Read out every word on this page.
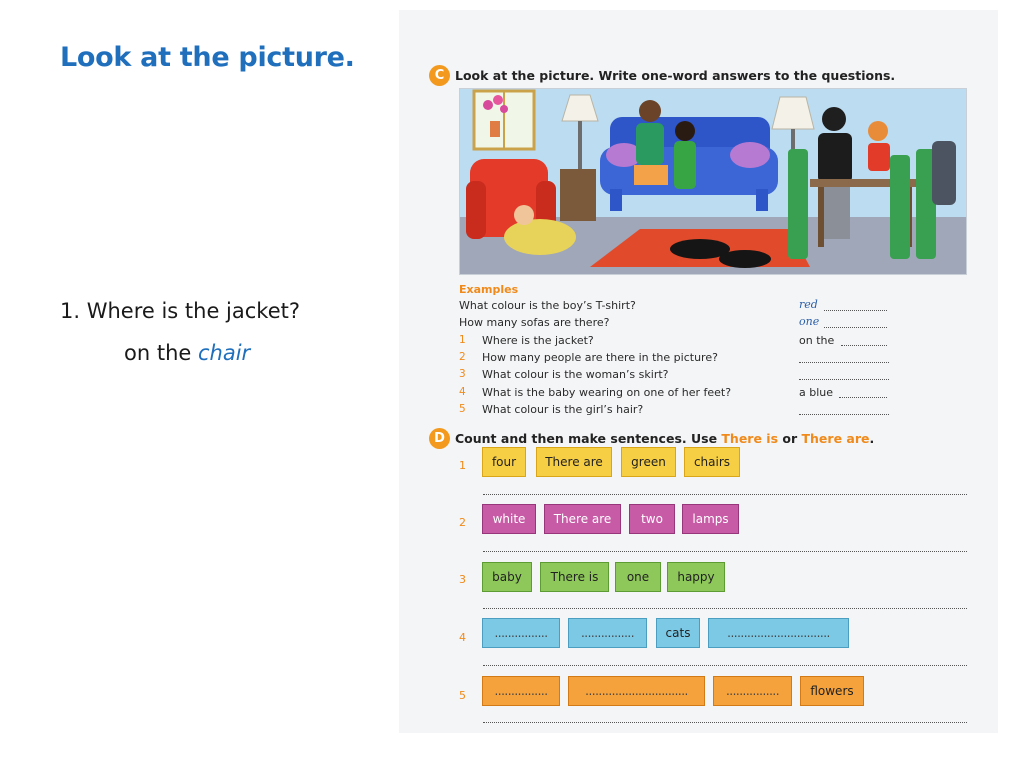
Look at the picture.
1. Where is the jacket?
on the chair
C Look at the picture. Write one-word answers to the questions.
Examples
What colour is the boy’s T-shirt?	red
How many sofas are there?	one
1 Where is the jacket?	on the
2 How many people are there in the picture?
3 What colour is the woman’s skirt?
4 What is the baby wearing on one of her feet?	a blue
5 What colour is the girl’s hair?
D Count and then make sentences. Use There is or There are.
1	four	There are	green	chairs
2	white	There are	two	lamps
3	baby	There is	one	happy
4	................	................	cats	...............................
5	................	...............................	................	flowers
